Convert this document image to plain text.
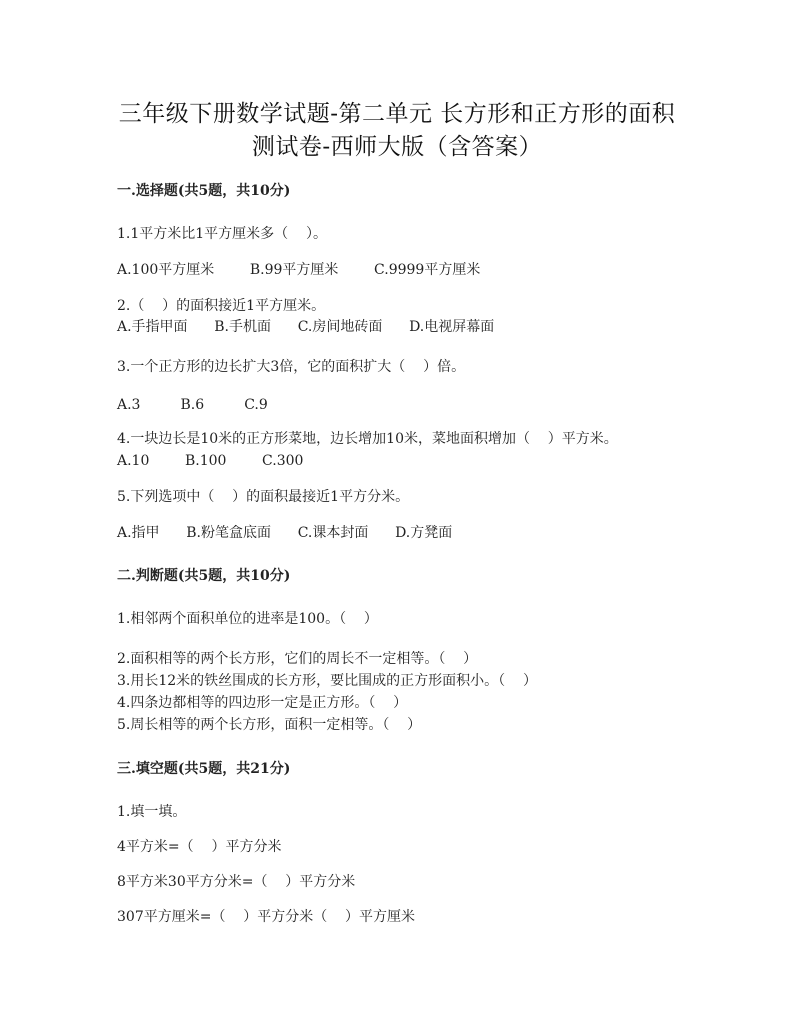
三年级下册数学试题-第二单元 长方形和正方形的面积
测试卷-西师大版（含答案）
一.选择题(共5题，共10分)
1.1平方米比1平方厘米多（    ）。
A.100平方厘米        B.99平方厘米        C.9999平方厘米
2.（    ）的面积接近1平方厘米。
A.手指甲面      B.手机面      C.房间地砖面      D.电视屏幕面
3.一个正方形的边长扩大3倍，它的面积扩大（    ）倍。
A.3         B.6         C.9
4.一块边长是10米的正方形菜地，边长增加10米，菜地面积增加（    ）平方米。
A.10        B.100        C.300
5.下列选项中（    ）的面积最接近1平方分米。
A.指甲      B.粉笔盒底面      C.课本封面      D.方凳面
二.判断题(共5题，共10分)
1.相邻两个面积单位的进率是100。（    ）
2.面积相等的两个长方形，它们的周长不一定相等。（    ）
3.用长12米的铁丝围成的长方形，要比围成的正方形面积小。（    ）
4.四条边都相等的四边形一定是正方形。（    ）
5.周长相等的两个长方形，面积一定相等。（    ）
三.填空题(共5题，共21分)
1.填一填。
4平方米=（    ）平方分米
8平方米30平方分米=（    ）平方分米
307平方厘米=（    ）平方分米（    ）平方厘米
